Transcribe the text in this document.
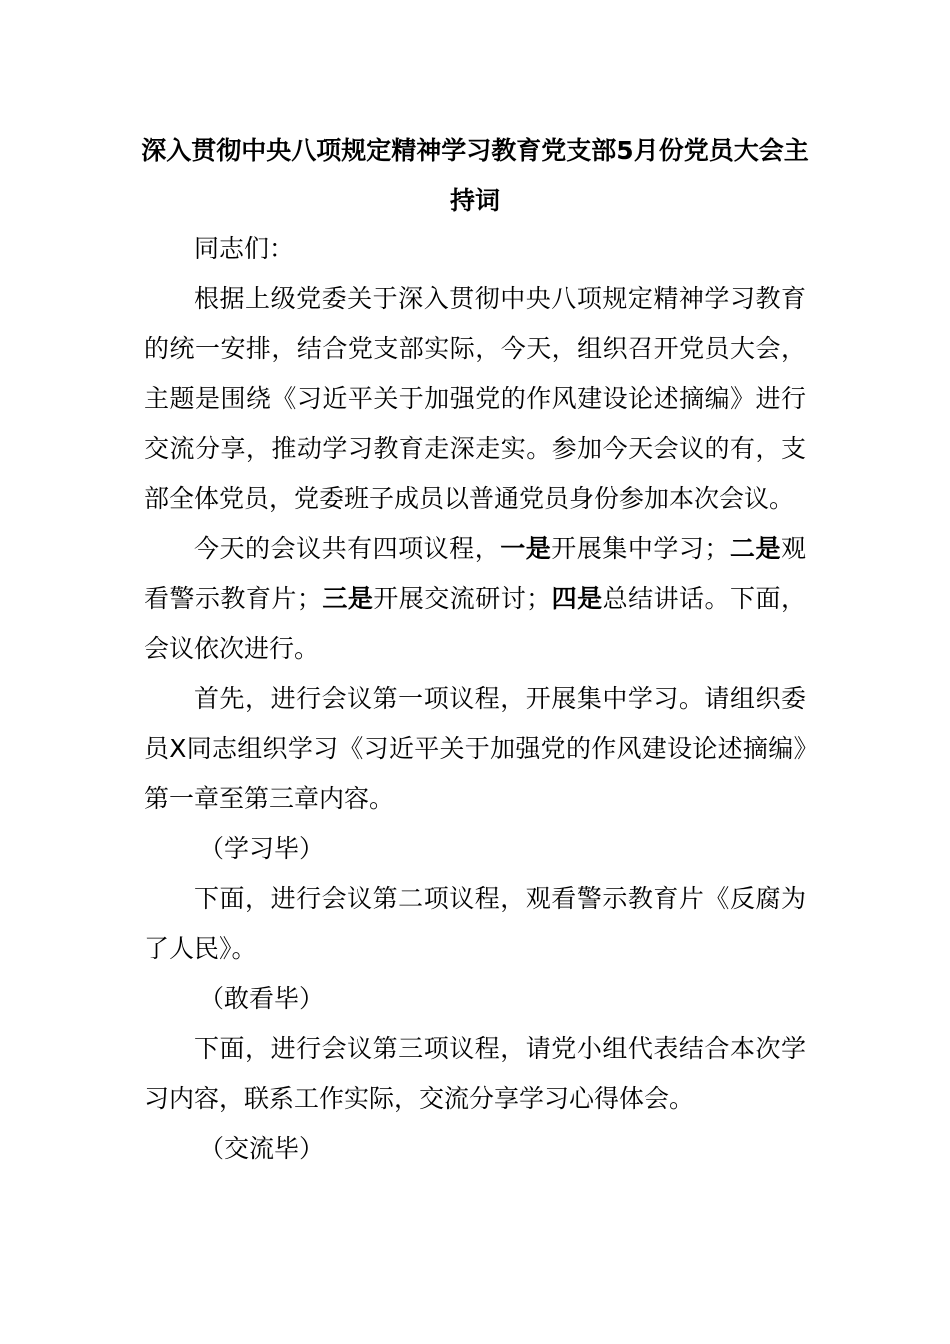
深入贯彻中央八项规定精神学习教育党支部5月份党员大会主持词

同志们：

根据上级党委关于深入贯彻中央八项规定精神学习教育的统一安排，结合党支部实际，今天，组织召开党员大会，主题是围绕《习近平关于加强党的作风建设论述摘编》进行交流分享，推动学习教育走深走实。参加今天会议的有，支部全体党员，党委班子成员以普通党员身份参加本次会议。

今天的会议共有四项议程，一是开展集中学习；二是观看警示教育片；三是开展交流研讨；四是总结讲话。下面，会议依次进行。

首先，进行会议第一项议程，开展集中学习。请组织委员X同志组织学习《习近平关于加强党的作风建设论述摘编》第一章至第三章内容。

（学习毕）

下面，进行会议第二项议程，观看警示教育片《反腐为了人民》。

（敢看毕）

下面，进行会议第三项议程，请党小组代表结合本次学习内容，联系工作实际，交流分享学习心得体会。

（交流毕）
